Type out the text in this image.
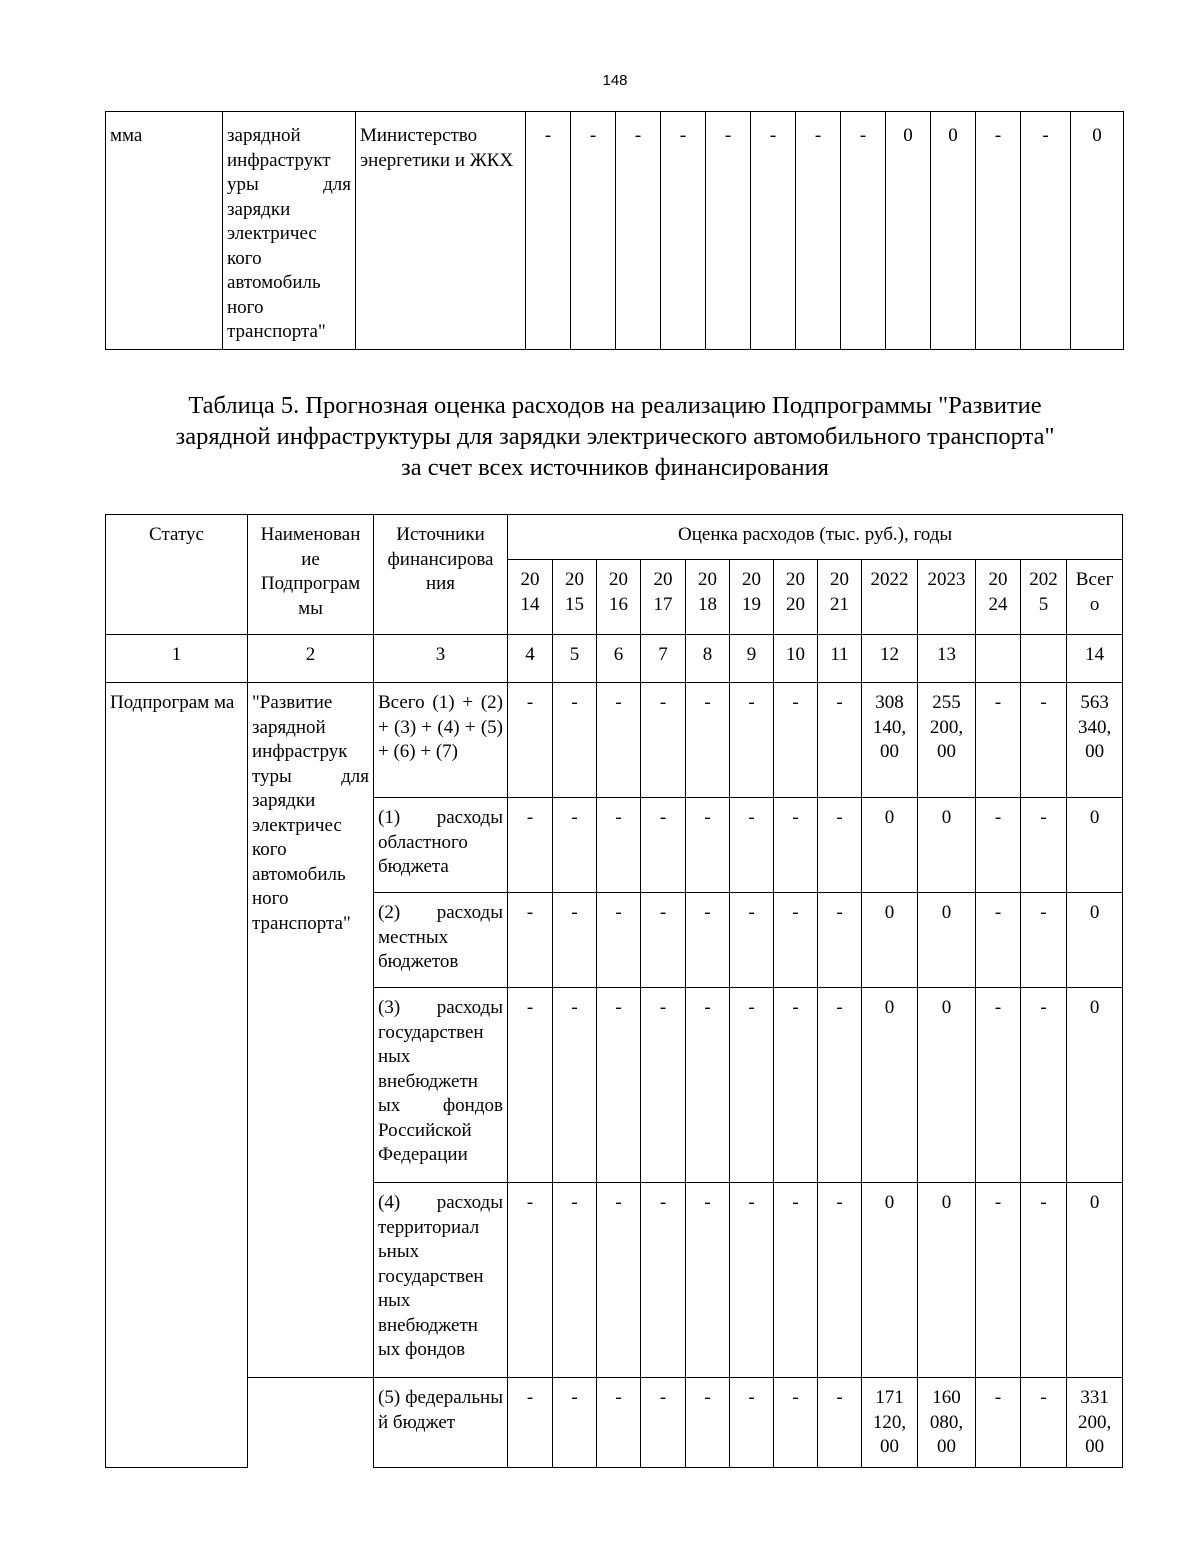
148
мма	зарядной инфраструкт уры для зарядки электричес кого автомобиль ного транспорта"	Министерство энергетики и ЖКХ	-	-	-	-	-	-	-	-	0	0	-	-	0
Таблица 5. Прогнозная оценка расходов на реализацию Подпрограммы "Развитие
зарядной инфраструктуры для зарядки электрического автомобильного транспорта"
за счет всех источников финансирования
Статус	Наименован ие Подпрограм мы	Источники финансирова ния	Оценка расходов (тыс. руб.), годы												
			20 14	20 15	20 16	20 17	20 18	20 19	20 20	20 21	2022	2023	20 24	202 5	Всег о
1	2	3	4	5	6	7	8	9	10	11	12	13			14
Подпрограм ма	"Развитие зарядной инфраструк туры для зарядки электричес кого автомобиль ного транспорта"	Всего (1) + (2) + (3) + (4) + (5) + (6) + (7)	-	-	-	-	-	-	-	-	308 140, 00	255 200, 00	-	-	563 340, 00
		(1) расходы областного бюджета	-	-	-	-	-	-	-	-	0	0	-	-	0
		(2) расходы местных бюджетов	-	-	-	-	-	-	-	-	0	0	-	-	0
		(3) расходы государствен ных внебюджетн ых фондов Российской Федерации	-	-	-	-	-	-	-	-	0	0	-	-	0
		(4) расходы территориал ьных государствен ных внебюджетн ых фондов	-	-	-	-	-	-	-	-	0	0	-	-	0
		(5) федеральны й бюджет	-	-	-	-	-	-	-	-	171 120, 00	160 080, 00	-	-	331 200, 00
